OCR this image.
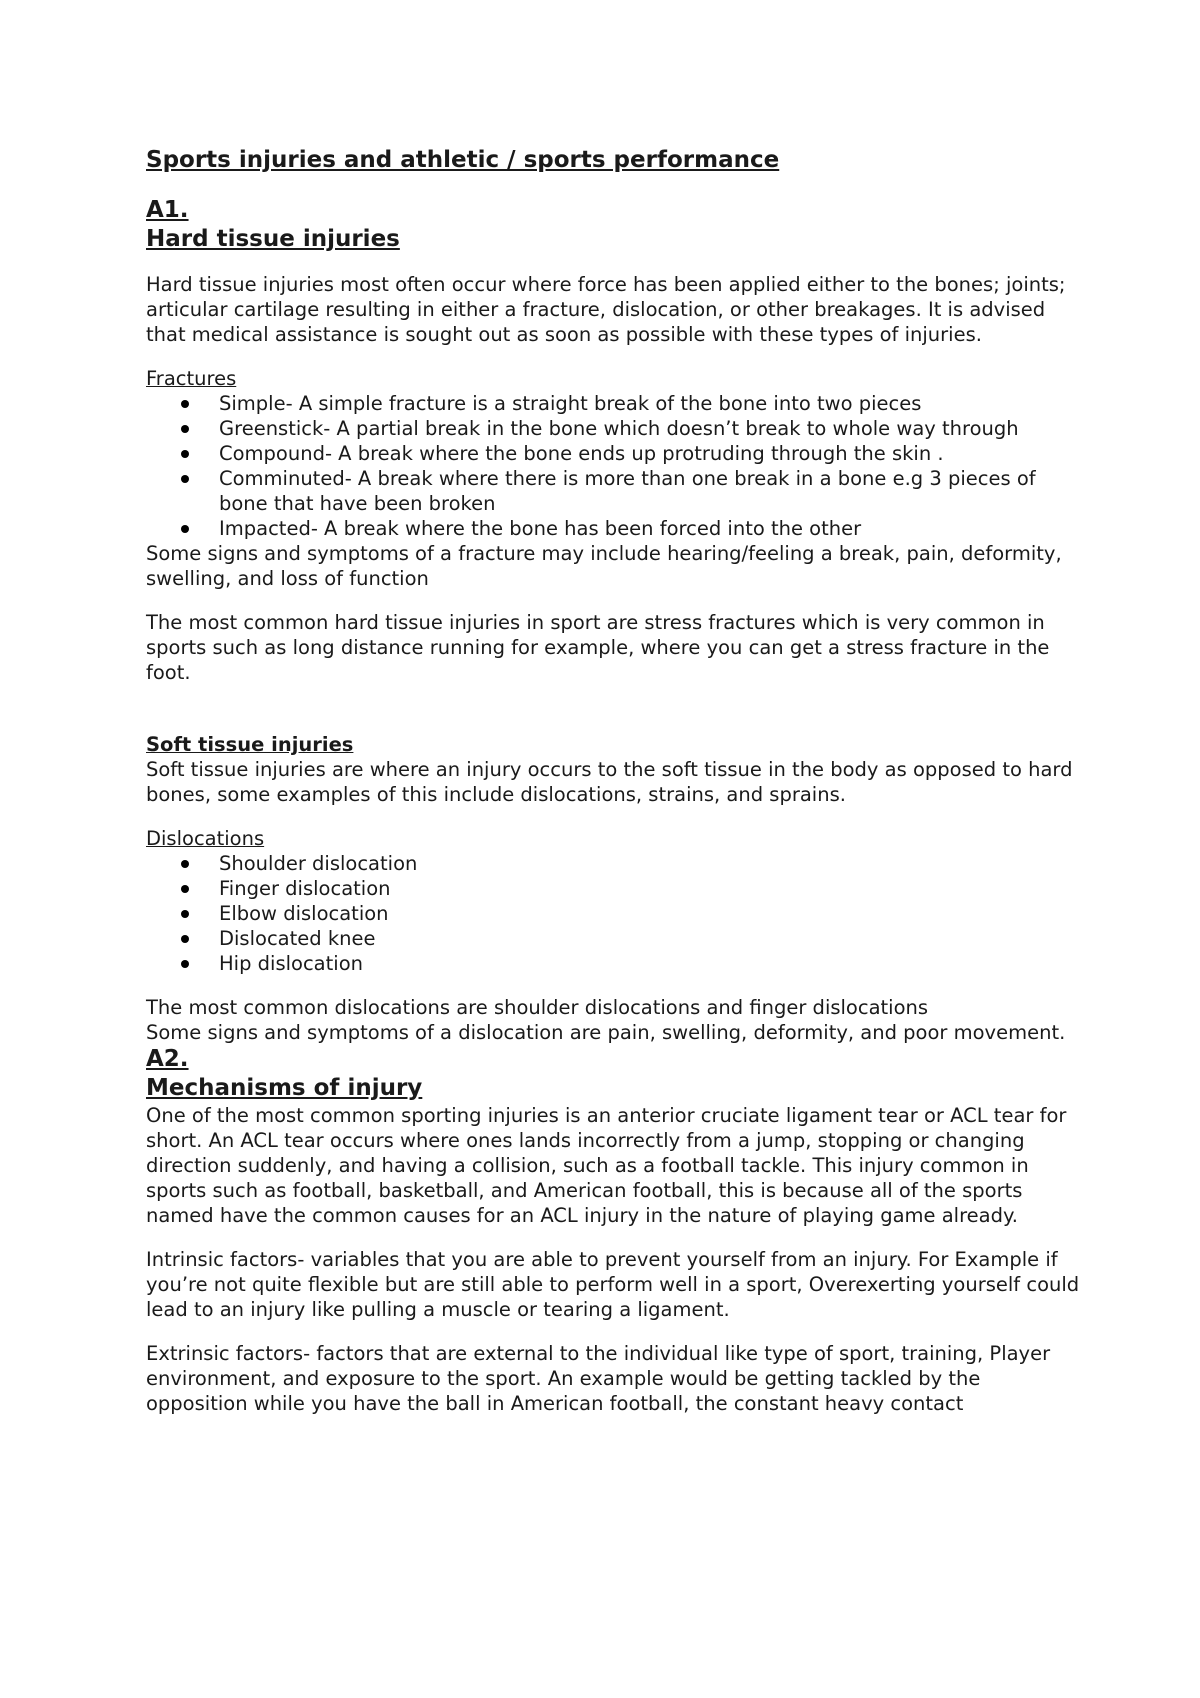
Sports injuries and athletic / sports performance
A1.
Hard tissue injuries

Hard tissue injuries most often occur where force has been applied either to the bones; joints; articular cartilage resulting in either a fracture, dislocation, or other breakages. It is advised that medical assistance is sought out as soon as possible with these types of injuries.

Fractures
Simple- A simple fracture is a straight break of the bone into two pieces
Greenstick- A partial break in the bone which doesn’t break to whole way through
Compound- A break where the bone ends up protruding through the skin .
Comminuted- A break where there is more than one break in a bone e.g 3 pieces of bone that have been broken
Impacted- A break where the bone has been forced into the other

Some signs and symptoms of a fracture may include hearing/feeling a break, pain, deformity, swelling, and loss of function

The most common hard tissue injuries in sport are stress fractures which is very common in sports such as long distance running for example, where you can get a stress fracture in the foot.

Soft tissue injuries

Soft tissue injuries are where an injury occurs to the soft tissue in the body as opposed to hard bones, some examples of this include dislocations, strains, and sprains.

Dislocations
Shoulder dislocation
Finger dislocation
Elbow dislocation
Dislocated knee
Hip dislocation

The most common dislocations are shoulder dislocations and finger dislocations

Some signs and symptoms of a dislocation are pain, swelling, deformity, and poor movement.

A2.
Mechanisms of injury

One of the most common sporting injuries is an anterior cruciate ligament tear or ACL tear for short. An ACL tear occurs where ones lands incorrectly from a jump, stopping or changing direction suddenly, and having a collision, such as a football tackle. This injury common in sports such as football, basketball, and American football, this is because all of the sports named have the common causes for an ACL injury in the nature of playing game already.

Intrinsic factors- variables that you are able to prevent yourself from an injury. For Example if you’re not quite flexible but are still able to perform well in a sport, Overexerting yourself could lead to an injury like pulling a muscle or tearing a ligament.

Extrinsic factors- factors that are external to the individual like type of sport, training, Player environment, and exposure to the sport. An example would be getting tackled by the opposition while you have the ball in American football, the constant heavy contact
